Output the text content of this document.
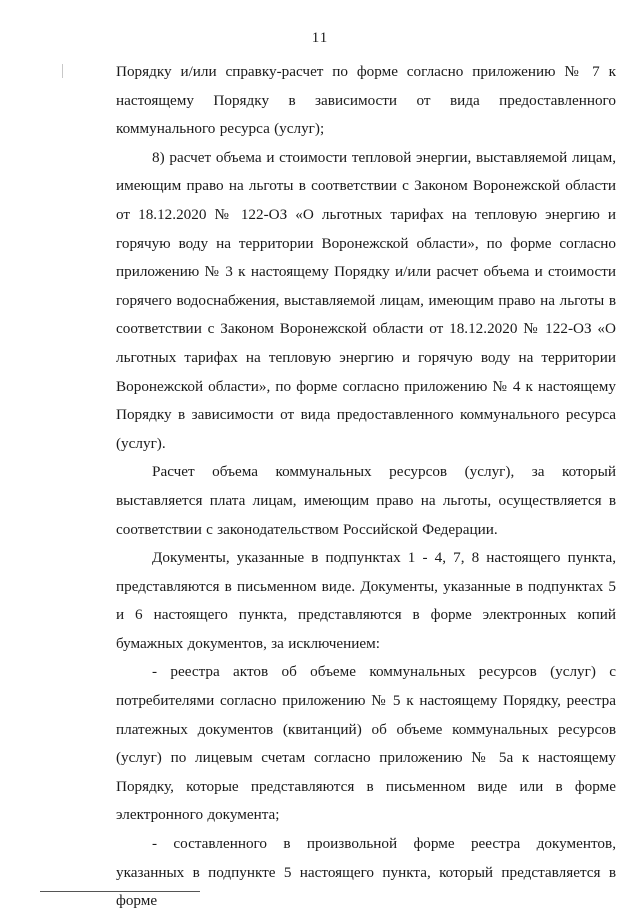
11

Порядку и/или справку-расчет по форме согласно приложению № 7 к настоящему Порядку в зависимости от вида предоставленного коммунального ресурса (услуг);

8) расчет объема и стоимости тепловой энергии, выставляемой лицам, имеющим право на льготы в соответствии с Законом Воронежской области от 18.12.2020 № 122-ОЗ «О льготных тарифах на тепловую энергию и горячую воду на территории Воронежской области», по форме согласно приложению № 3 к настоящему Порядку и/или расчет объема и стоимости горячего водоснабжения, выставляемой лицам, имеющим право на льготы в соответствии с Законом Воронежской области от 18.12.2020 № 122-ОЗ «О льготных тарифах на тепловую энергию и горячую воду на территории Воронежской области», по форме согласно приложению № 4 к настоящему Порядку в зависимости от вида предоставленного коммунального ресурса (услуг).

Расчет объема коммунальных ресурсов (услуг), за который выставляется плата лицам, имеющим право на льготы, осуществляется в соответствии с законодательством Российской Федерации.

Документы, указанные в подпунктах 1 - 4, 7, 8 настоящего пункта, представляются в письменном виде. Документы, указанные в подпунктах 5 и 6 настоящего пункта, представляются в форме электронных копий бумажных документов, за исключением:

- реестра актов об объеме коммунальных ресурсов (услуг) с потребителями согласно приложению № 5 к настоящему Порядку, реестра платежных документов (квитанций) об объеме коммунальных ресурсов (услуг) по лицевым счетам согласно приложению № 5а к настоящему Порядку, которые представляются в письменном виде или в форме электронного документа;

- составленного в произвольной форме реестра документов, указанных в подпункте 5 настоящего пункта, который представляется в форме
